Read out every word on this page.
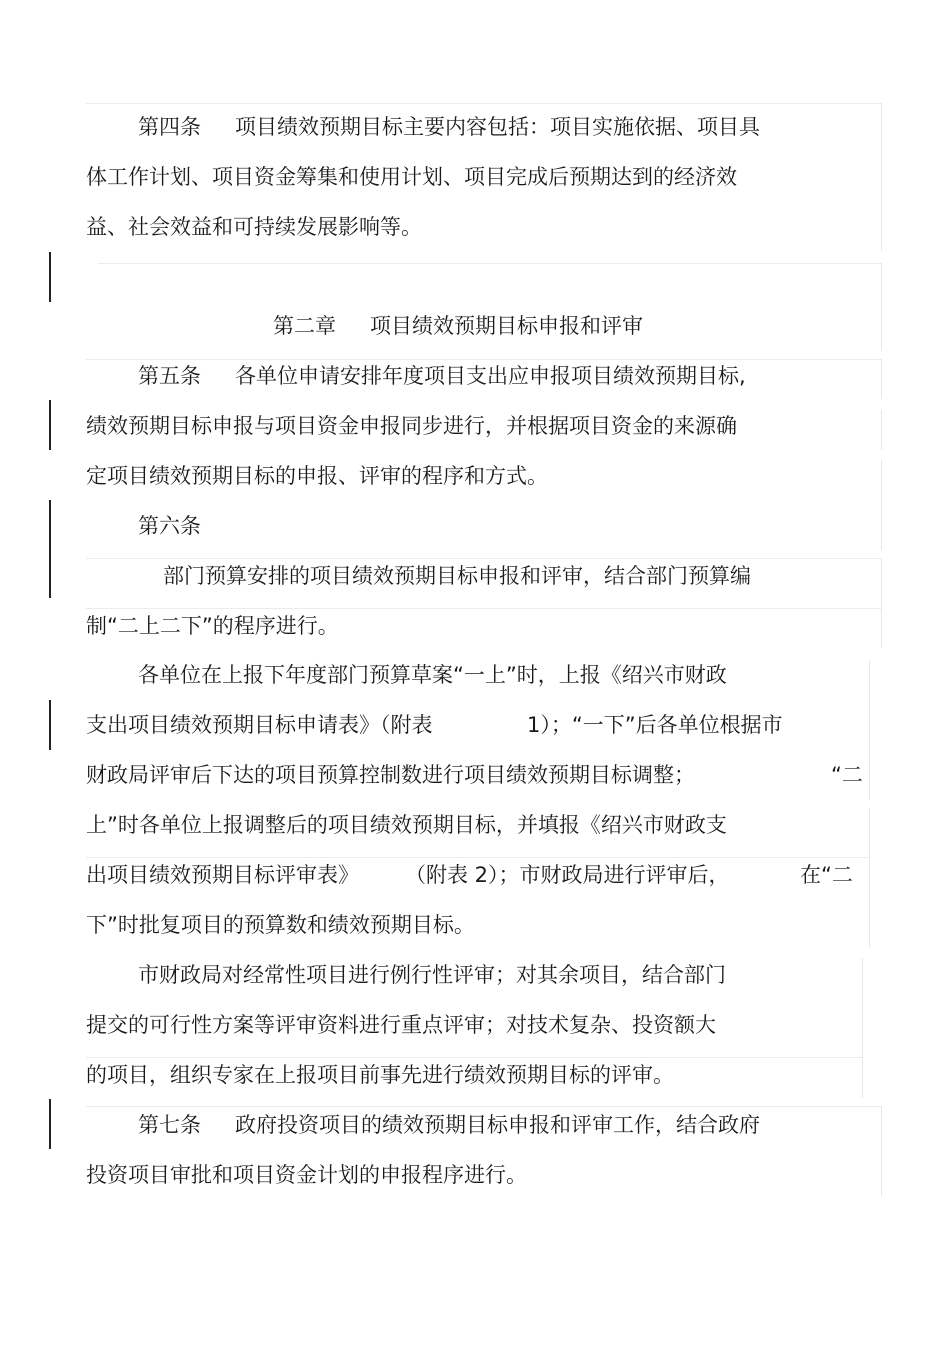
第四条 项目绩效预期目标主要内容包括：项目实施依据、项目具
体工作计划、项目资金筹集和使用计划、项目完成后预期达到的经济效
益、社会效益和可持续发展影响等。
第二章 项目绩效预期目标申报和评审
第五条 各单位申请安排年度项目支出应申报项目绩效预期目标,
绩效预期目标申报与项目资金申报同步进行，并根据项目资金的来源确
定项目绩效预期目标的申报、评审的程序和方式。
第六条
部门预算安排的项目绩效预期目标申报和评审，结合部门预算编
制“二上二下”的程序进行。
各单位在上报下年度部门预算草案“一上”时，上报《绍兴市财政
支出项目绩效预期目标申请表》（附表	1）；“一下”后各单位根据市
财政局评审后下达的项目预算控制数进行项目绩效预期目标调整；	“二
上”时各单位上报调整后的项目绩效预期目标，并填报《绍兴市财政支
出项目绩效预期目标评审表》 （附表 2）；市财政局进行评审后，	在“二
下”时批复项目的预算数和绩效预期目标。
市财政局对经常性项目进行例行性评审；对其余项目，结合部门
提交的可行性方案等评审资料进行重点评审；对技术复杂、投资额大
的项目，组织专家在上报项目前事先进行绩效预期目标的评审。
第七条 政府投资项目的绩效预期目标申报和评审工作，结合政府
投资项目审批和项目资金计划的申报程序进行。
